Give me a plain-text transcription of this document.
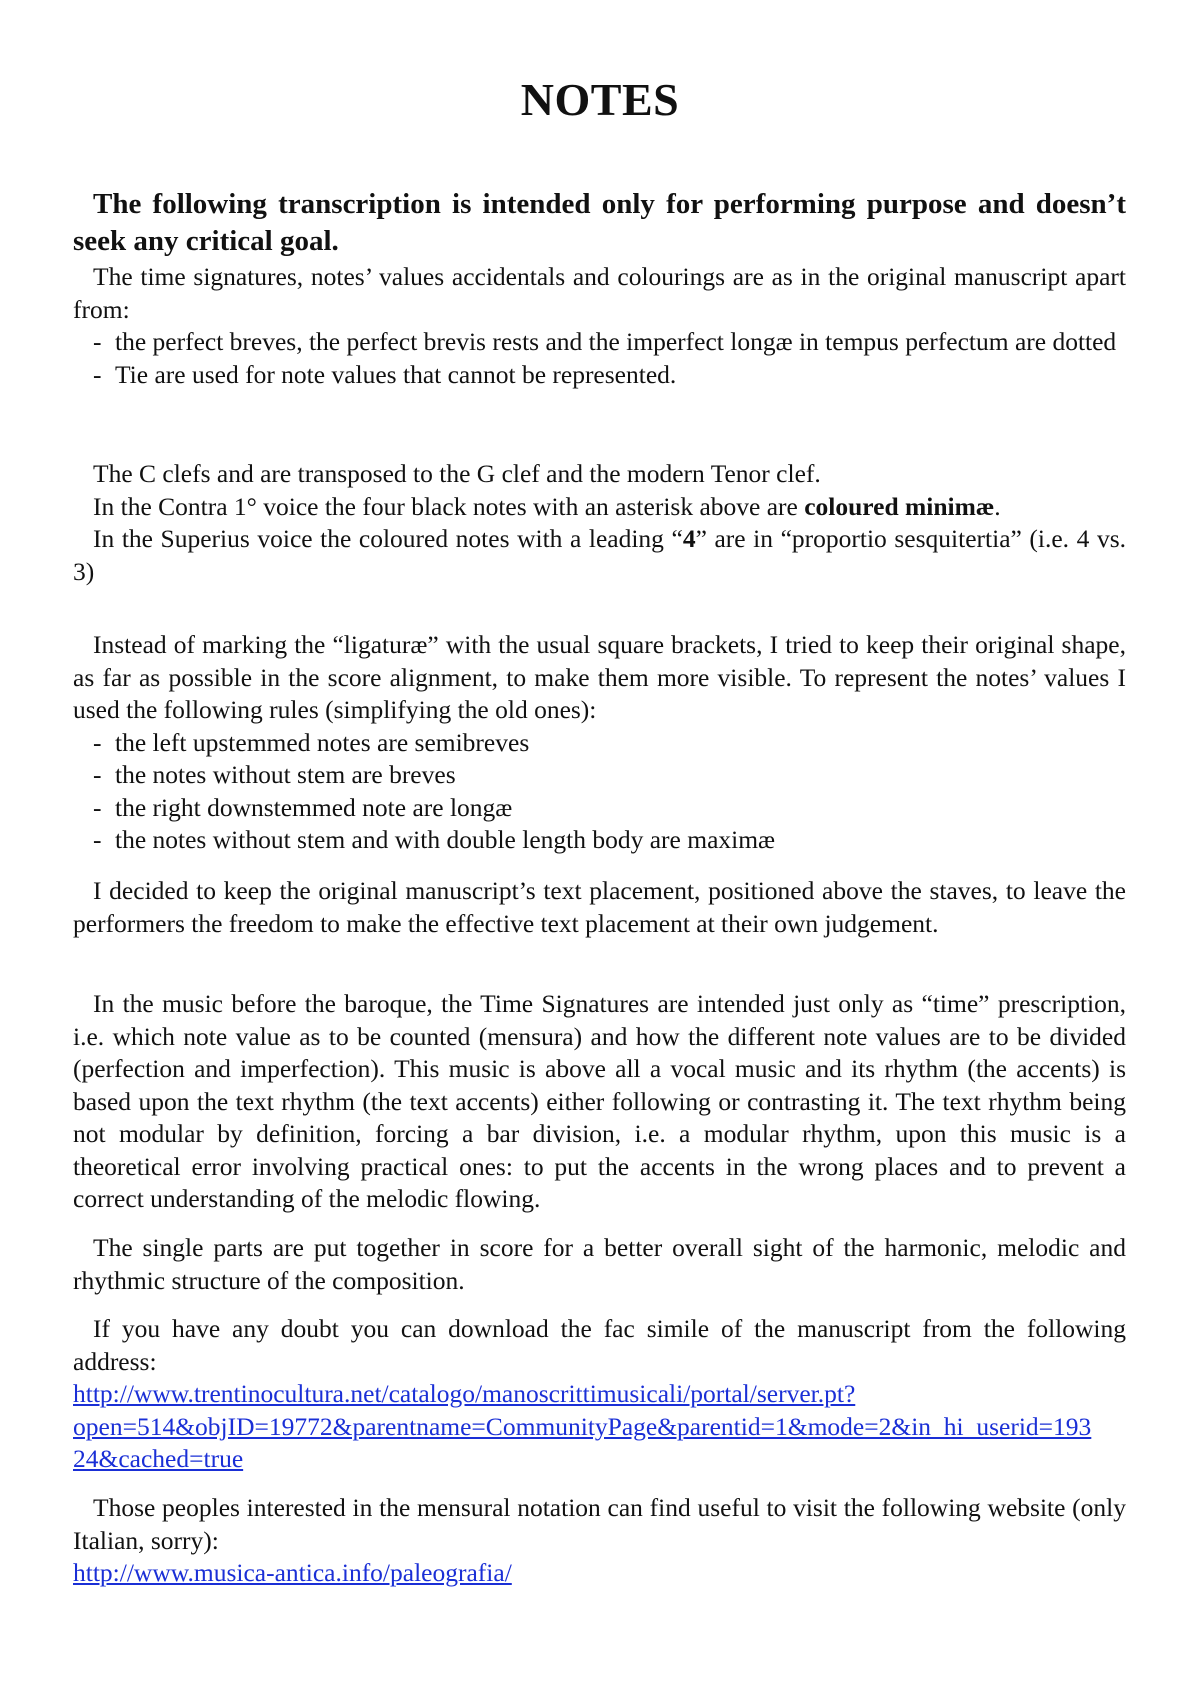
NOTES

The following transcription is intended only for performing purpose and doesn’t seek any critical goal.

The time signatures, notes’ values accidentals and colourings are as in the original manuscript apart from:

- the perfect breves, the perfect brevis rests and the imperfect longæ in tempus perfectum are dotted
- Tie are used for note values that cannot be represented.

The C clefs and are transposed to the G clef and the modern Tenor clef.

In the Contra 1° voice the four black notes with an asterisk above are coloured minimæ.

In the Superius voice the coloured notes with a leading “4” are in “proportio sesquitertia” (i.e. 4 vs. 3)

Instead of marking the “ligaturæ” with the usual square brackets, I tried to keep their original shape, as far as possible in the score alignment, to make them more visible. To represent the notes’ values I used the following rules (simplifying the old ones):

- the left upstemmed notes are semibreves
- the notes without stem are breves
- the right downstemmed note are longæ
- the notes without stem and with double length body are maximæ

I decided to keep the original manuscript’s text placement, positioned above the staves, to leave the performers the freedom to make the effective text placement at their own judgement.

In the music before the baroque, the Time Signatures are intended just only as “time” prescription, i.e. which note value as to be counted (mensura) and how the different note values are to be divided (perfection and imperfection). This music is above all a vocal music and its rhythm (the accents) is based upon the text rhythm (the text accents) either following or contrasting it. The text rhythm being not modular by definition, forcing a bar division, i.e. a modular rhythm, upon this music is a theoretical error involving practical ones: to put the accents in the wrong places and to prevent a correct understanding of the melodic flowing.

The single parts are put together in score for a better overall sight of the harmonic, melodic and rhythmic structure of the composition.

If you have any doubt you can download the fac simile of the manuscript from the following address:

http://www.trentinocultura.net/catalogo/manoscrittimusicali/portal/server.pt?
open=514&objID=19772&parentname=CommunityPage&parentid=1&mode=2&in_hi_userid=193
24&cached=true

Those peoples interested in the mensural notation can find useful to visit the following website (only Italian, sorry):

http://www.musica-antica.info/paleografia/
